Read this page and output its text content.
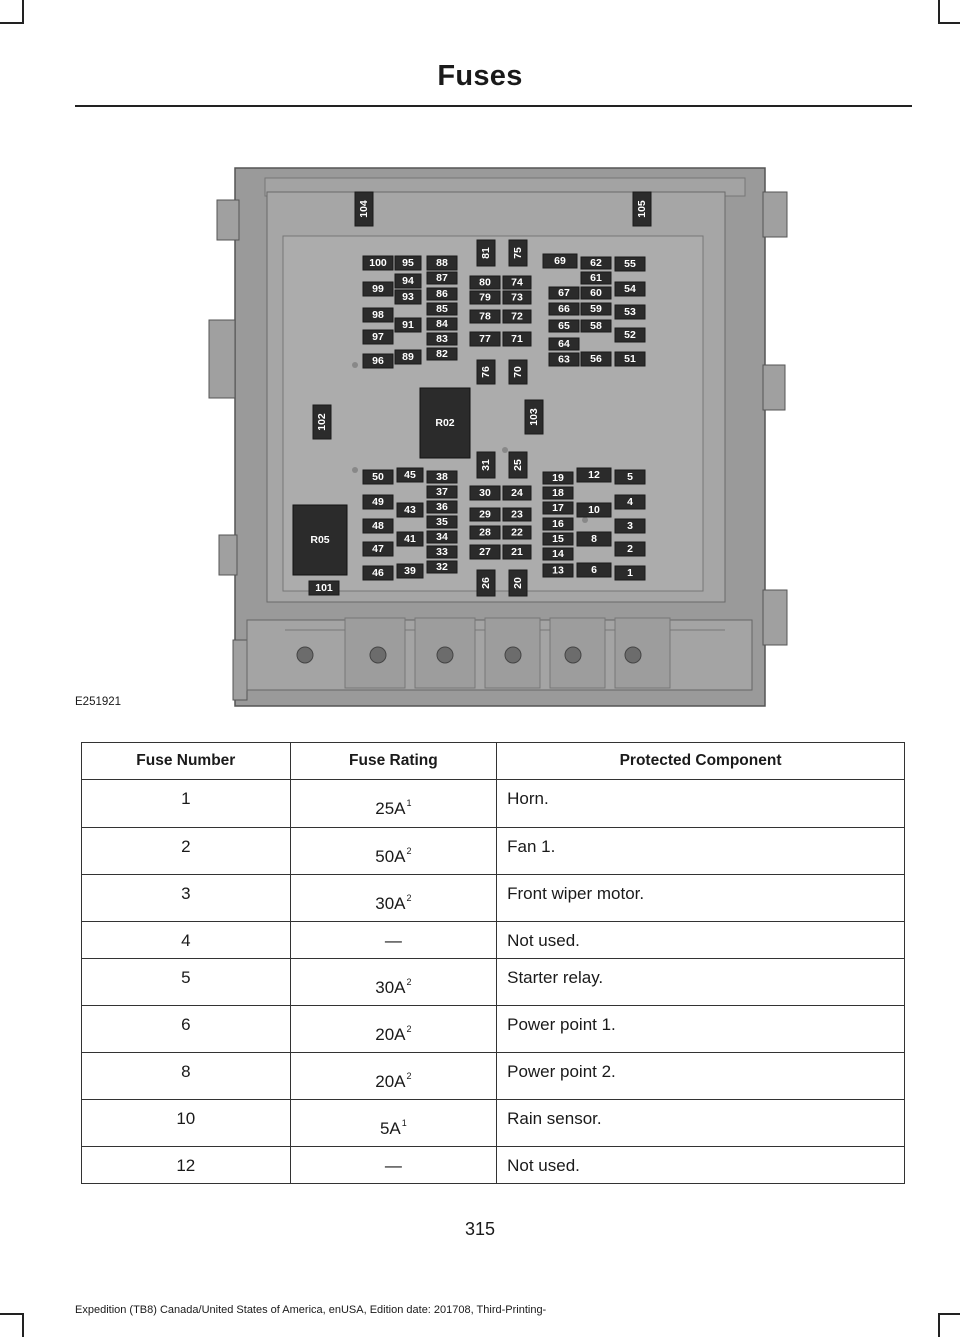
Fuses
100 95 88
87
99
94
86
93
85
98
91 84
97	83
96 89 82
80 74
79 73
78 72
77 71
81 75
76 70
69 62 55
61
67 60 54
66 59 53
65 58
64
52
63 56 51
104	105
102	103
31 25
50 45 38
37
49	36
43
35
48
41 34
47	33
46 39 32
30 24
29 23
28 22
27 21
26 20
19 12	5
18
17 10
4
16	3
15	8
14	2
13	6	1
101
R02
R05
E251921
Fuse Number	Fuse Rating	Protected Component
1	$25A^1$	Horn.
2	$50A^2$	Fan 1.
3	$30A^2$	Front wiper motor.
4	—	Not used.
5	$30A^2$	Starter relay.
6	$20A^2$	Power point 1.
8	$20A^2$	Power point 2.
10	$5A^1$	Rain sensor.
12	—	Not used.
315
Expedition (TB8) Canada/United States of America, enUSA, Edition date: 201708, Third-Printing-
